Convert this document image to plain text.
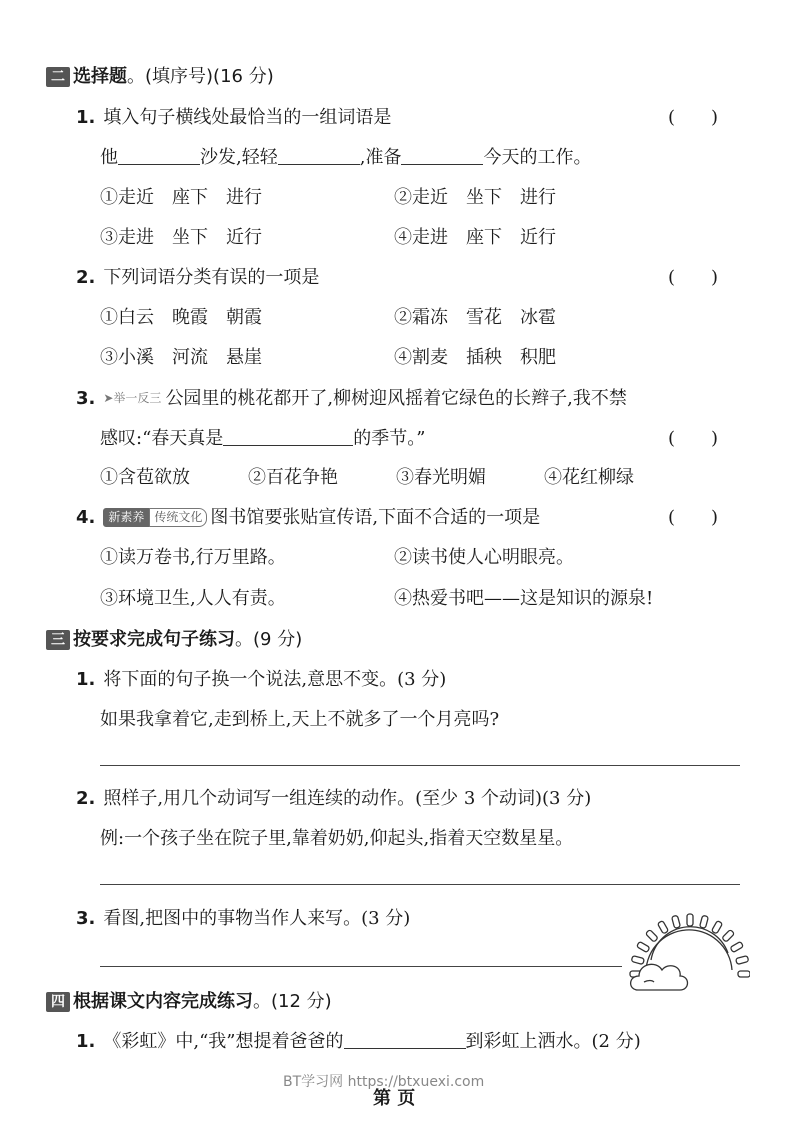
二 选择题。(填序号)(16 分)
1. 填入句子横线处最恰当的一组词语是	(　　)
他	沙发,轻轻	,准备	今天的工作。
①走近　座下　进行	②走近　坐下　进行
③走进　坐下　近行	④走进　座下　近行
2. 下列词语分类有误的一项是	(　　)
①白云　晚霞　朝霞	②霜冻　雪花　冰雹
③小溪　河流　悬崖	④割麦　插秧　积肥
3. ➤举一反三 公园里的桃花都开了,柳树迎风摇着它绿色的长辫子,我不禁
感叹:“春天真是	的季节。”	(　　)
①含苞欲放	②百花争艳	③春光明媚	④花红柳绿
4. 新素养 传统文化 图书馆要张贴宣传语,下面不合适的一项是	(　　)
①读万卷书,行万里路。	②读书使人心明眼亮。
③环境卫生,人人有责。	④热爱书吧——这是知识的源泉!
三 按要求完成句子练习。(9 分)
1. 将下面的句子换一个说法,意思不变。(3 分)
如果我拿着它,走到桥上,天上不就多了一个月亮吗?
2. 照样子,用几个动词写一组连续的动作。(至少 3 个动词)(3 分)
例:一个孩子坐在院子里,靠着奶奶,仰起头,指着天空数星星。
3. 看图,把图中的事物当作人来写。(3 分)
四 根据课文内容完成练习。(12 分)
1. 《彩虹》中,“我”想提着爸爸的	到彩虹上洒水。(2 分)
BT学习网 https://btxuexi.com
第 页
